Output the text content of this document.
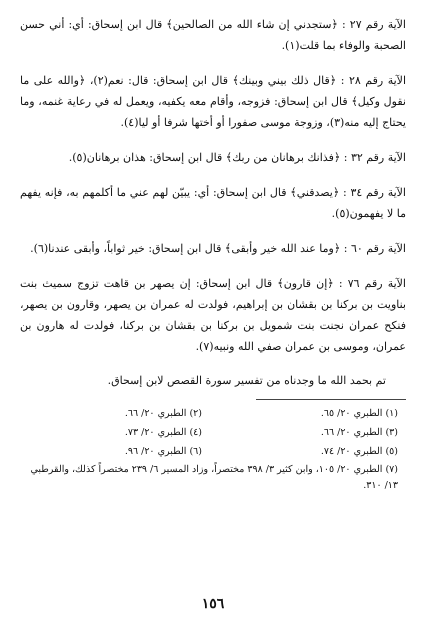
الآية رقم ٢٧ : ﴿ستجدني إن شاء الله من الصالحين﴾ قال ابن إسحاق: أي: أني حسن الصحبة والوفاء بما قلت(١).

الآية رقم ٢٨ : ﴿قال ذلك بيني وبينك﴾ قال ابن إسحاق: قال: نعم(٢)، ﴿والله على ما نقول وكيل﴾ قال ابن إسحاق: فزوجه، وأقام معه يكفيه، ويعمل له في رعاية غنمه، وما يحتاج إليه منه(٣)، وزوجة موسى صفورا أو أختها شرفا أو ليا(٤).

الآية رقم ٣٢ : ﴿فذانك برهانان من ربك﴾ قال ابن إسحاق: هذان برهانان(٥).

الآية رقم ٣٤ : ﴿يصدقني﴾ قال ابن إسحاق: أي: يبيّن لهم عني ما أكلمهم به، فإنه يفهم ما لا يفهمون(٥).

الآية رقم ٦٠ : ﴿وما عند الله خير وأبقى﴾ قال ابن إسحاق: خير ثواباً، وأبقى عندنا(٦).

الآية رقم ٧٦ : ﴿إن قارون﴾ قال ابن إسحاق: إن يصهر بن قاهت تزوج سميث بنت بناويت بن بركنا بن بقشان بن إبراهيم، فولدت له عمران بن يصهر، وقارون بن يصهر، فنكح عمران نجنت بنت شمويل بن بركنا بن بقشان بن بركنا، فولدت له هارون بن عمران، وموسى بن عمران صفي الله ونبيه(٧).

تم بحمد الله ما وجدناه من تفسير سورة القصص لابن إسحاق.

(١) الطبري ٢٠/ ٦٥.
(٢) الطبري ٢٠/ ٦٦.
(٣) الطبري ٢٠/ ٦٦.
(٤) الطبري ٢٠/ ٧٣.
(٥) الطبري ٢٠/ ٧٤.
(٦) الطبري ٢٠/ ٩٦.
(٧) الطبري ٢٠/ ١٠٥، وابن كثير ٣/ ٣٩٨ مختصراً، وزاد المسير ٦/ ٢٣٩ مختصراً كذلك، والقرطبي ١٣/ ٣١٠.
١٥٦
